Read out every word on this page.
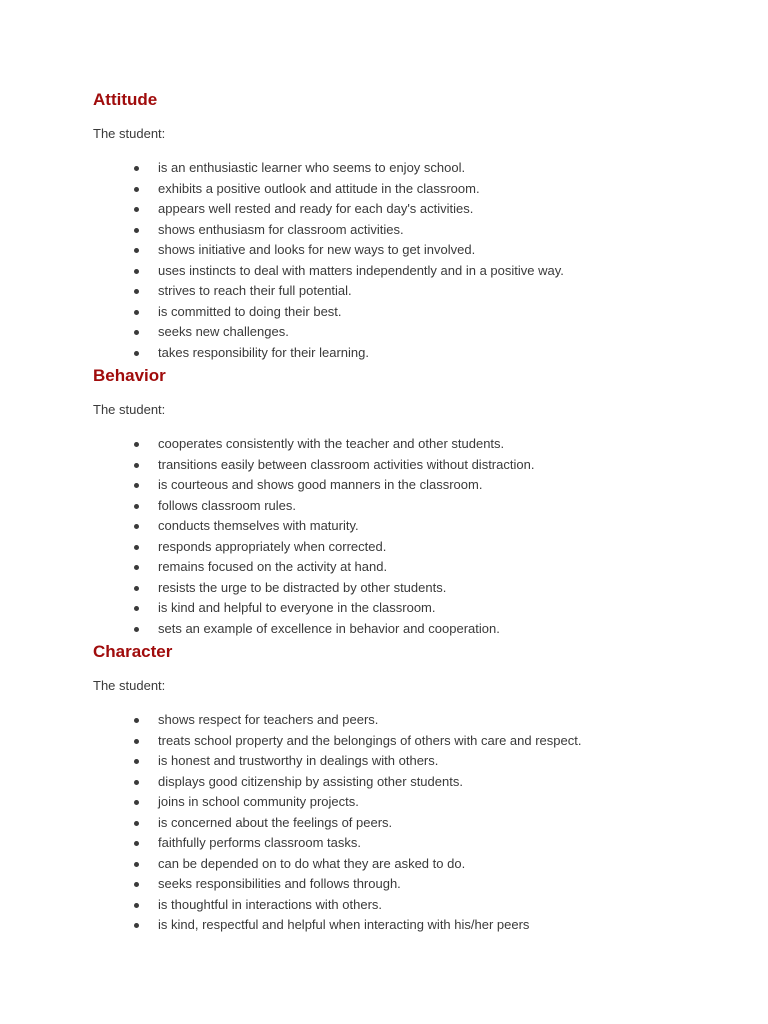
Attitude

The student:

is an enthusiastic learner who seems to enjoy school.
exhibits a positive outlook and attitude in the classroom.
appears well rested and ready for each day's activities.
shows enthusiasm for classroom activities.
shows initiative and looks for new ways to get involved.
uses instincts to deal with matters independently and in a positive way.
strives to reach their full potential.
is committed to doing their best.
seeks new challenges.
takes responsibility for their learning.
Behavior

The student:

cooperates consistently with the teacher and other students.
transitions easily between classroom activities without distraction.
is courteous and shows good manners in the classroom.
follows classroom rules.
conducts themselves with maturity.
responds appropriately when corrected.
remains focused on the activity at hand.
resists the urge to be distracted by other students.
is kind and helpful to everyone in the classroom.
sets an example of excellence in behavior and cooperation.
Character

The student:

shows respect for teachers and peers.
treats school property and the belongings of others with care and respect.
is honest and trustworthy in dealings with others.
displays good citizenship by assisting other students.
joins in school community projects.
is concerned about the feelings of peers.
faithfully performs classroom tasks.
can be depended on to do what they are asked to do.
seeks responsibilities and follows through.
is thoughtful in interactions with others.
is kind, respectful and helpful when interacting with his/her peers
